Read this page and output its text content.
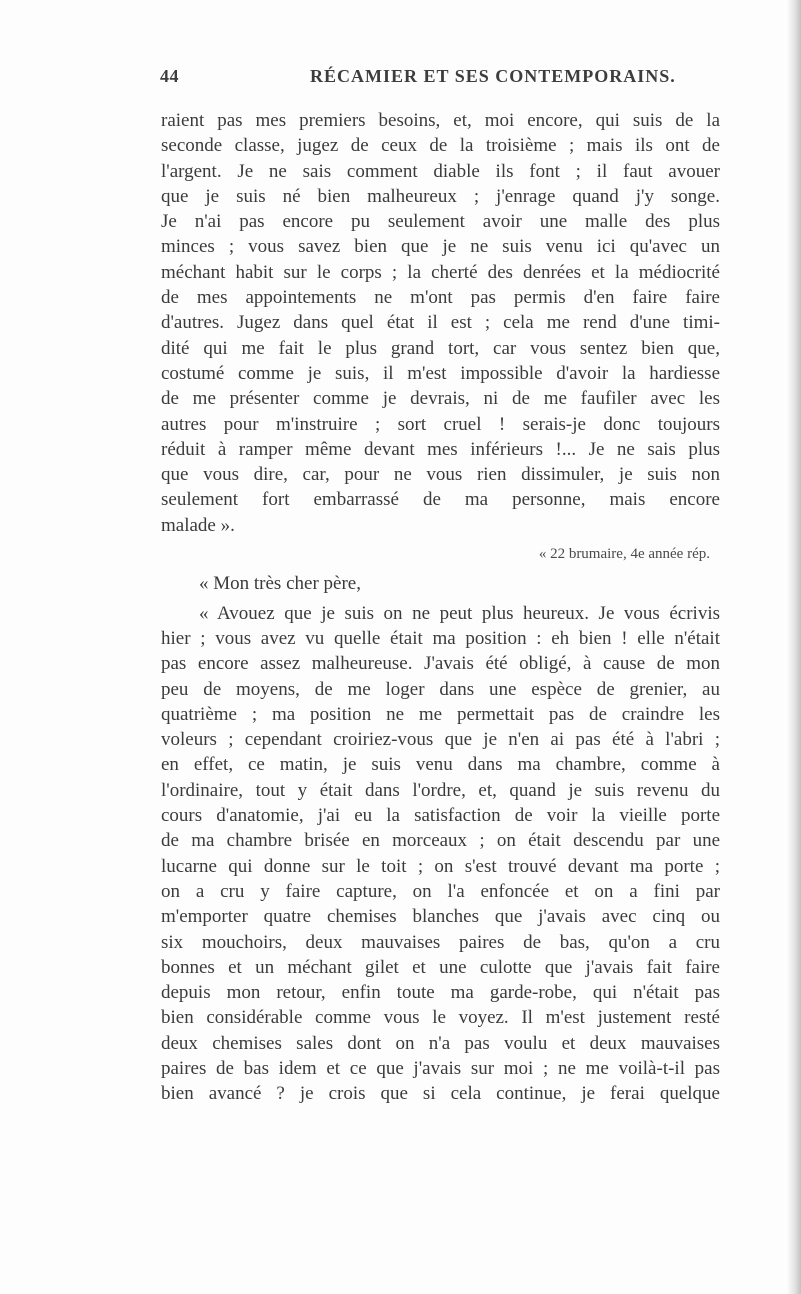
44	RÉCAMIER ET SES CONTEMPORAINS.
raient pas mes premiers besoins, et, moi encore, qui suis de la
seconde classe, jugez de ceux de la troisième ; mais ils ont de
l'argent. Je ne sais comment diable ils font ; il faut avouer
que je suis né bien malheureux ; j'enrage quand j'y songe.
Je n'ai pas encore pu seulement avoir une malle des plus
minces ; vous savez bien que je ne suis venu ici qu'avec un
méchant habit sur le corps ; la cherté des denrées et la médiocrité
de mes appointements ne m'ont pas permis d'en faire faire
d'autres. Jugez dans quel état il est ; cela me rend d'une timi-
dité qui me fait le plus grand tort, car vous sentez bien que,
costumé comme je suis, il m'est impossible d'avoir la hardiesse
de me présenter comme je devrais, ni de me faufiler avec les
autres pour m'instruire ; sort cruel ! serais-je donc toujours
réduit à ramper même devant mes inférieurs !... Je ne sais plus
que vous dire, car, pour ne vous rien dissimuler, je suis non
seulement fort embarrassé de ma personne, mais encore
malade ».
« 22 brumaire, 4e année rép.
« Mon très cher père,
« Avouez que je suis on ne peut plus heureux. Je vous écrivis
hier ; vous avez vu quelle était ma position : eh bien ! elle n'était
pas encore assez malheureuse. J'avais été obligé, à cause de mon
peu de moyens, de me loger dans une espèce de grenier, au
quatrième ; ma position ne me permettait pas de craindre les
voleurs ; cependant croiriez-vous que je n'en ai pas été à l'abri ;
en effet, ce matin, je suis venu dans ma chambre, comme à
l'ordinaire, tout y était dans l'ordre, et, quand je suis revenu du
cours d'anatomie, j'ai eu la satisfaction de voir la vieille porte
de ma chambre brisée en morceaux ; on était descendu par une
lucarne qui donne sur le toit ; on s'est trouvé devant ma porte ;
on a cru y faire capture, on l'a enfoncée et on a fini par
m'emporter quatre chemises blanches que j'avais avec cinq ou
six mouchoirs, deux mauvaises paires de bas, qu'on a cru
bonnes et un méchant gilet et une culotte que j'avais fait faire
depuis mon retour, enfin toute ma garde-robe, qui n'était pas
bien considérable comme vous le voyez. Il m'est justement resté
deux chemises sales dont on n'a pas voulu et deux mauvaises
paires de bas idem et ce que j'avais sur moi ; ne me voilà-t-il pas
bien avancé ? je crois que si cela continue, je ferai quelque
